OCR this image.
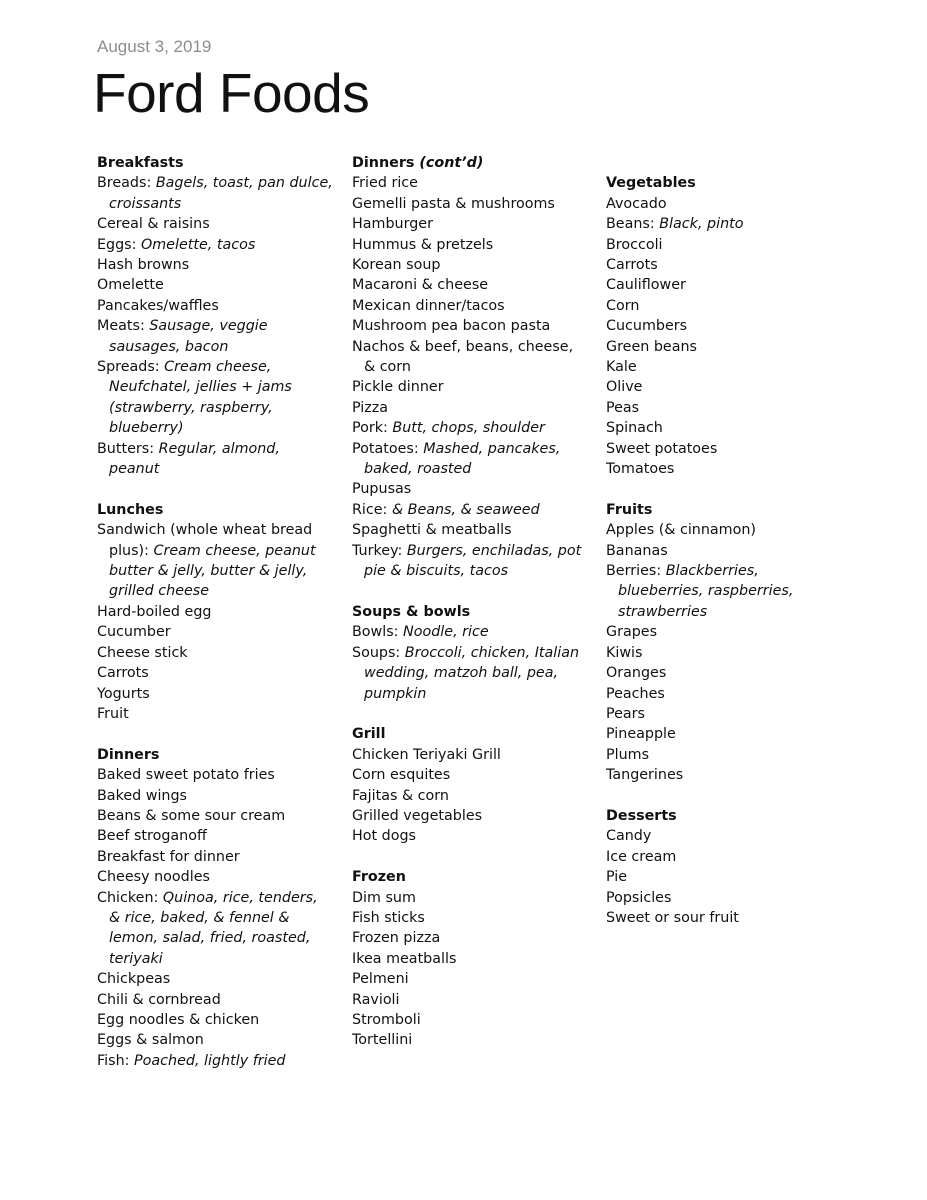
August 3, 2019
Ford Foods
Breakfasts
Breads: Bagels, toast, pan dulce, croissants
Cereal & raisins
Eggs: Omelette, tacos
Hash browns
Omelette
Pancakes/waffles
Meats: Sausage, veggie sausages, bacon
Spreads: Cream cheese, Neufchatel, jellies + jams (strawberry, raspberry, blueberry)
Butters: Regular, almond, peanut
Lunches
Sandwich (whole wheat bread plus): Cream cheese, peanut butter & jelly, butter & jelly, grilled cheese
Hard-boiled egg
Cucumber
Cheese stick
Carrots
Yogurts
Fruit
Dinners
Baked sweet potato fries
Baked wings
Beans & some sour cream
Beef stroganoff
Breakfast for dinner
Cheesy noodles
Chicken: Quinoa, rice, tenders, & rice, baked, & fennel & lemon, salad, fried, roasted, teriyaki
Chickpeas
Chili & cornbread
Egg noodles & chicken
Eggs & salmon
Fish: Poached, lightly fried
Dinners (cont’d)
Fried rice
Gemelli pasta & mushrooms
Hamburger
Hummus & pretzels
Korean soup
Macaroni & cheese
Mexican dinner/tacos
Mushroom pea bacon pasta
Nachos & beef, beans, cheese, & corn
Pickle dinner
Pizza
Pork: Butt, chops, shoulder
Potatoes: Mashed, pancakes, baked, roasted
Pupusas
Rice: & Beans, & seaweed
Spaghetti & meatballs
Turkey: Burgers, enchiladas, pot pie & biscuits, tacos
Soups & bowls
Bowls: Noodle, rice
Soups: Broccoli, chicken, Italian wedding, matzoh ball, pea, pumpkin
Grill
Chicken Teriyaki Grill
Corn esquites
Fajitas & corn
Grilled vegetables
Hot dogs
Frozen
Dim sum
Fish sticks
Frozen pizza
Ikea meatballs
Pelmeni
Ravioli
Stromboli
Tortellini
Vegetables
Avocado
Beans: Black, pinto
Broccoli
Carrots
Cauliflower
Corn
Cucumbers
Green beans
Kale
Olive
Peas
Spinach
Sweet potatoes
Tomatoes
Fruits
Apples (& cinnamon)
Bananas
Berries: Blackberries, blueberries, raspberries, strawberries
Grapes
Kiwis
Oranges
Peaches
Pears
Pineapple
Plums
Tangerines
Desserts
Candy
Ice cream
Pie
Popsicles
Sweet or sour fruit
